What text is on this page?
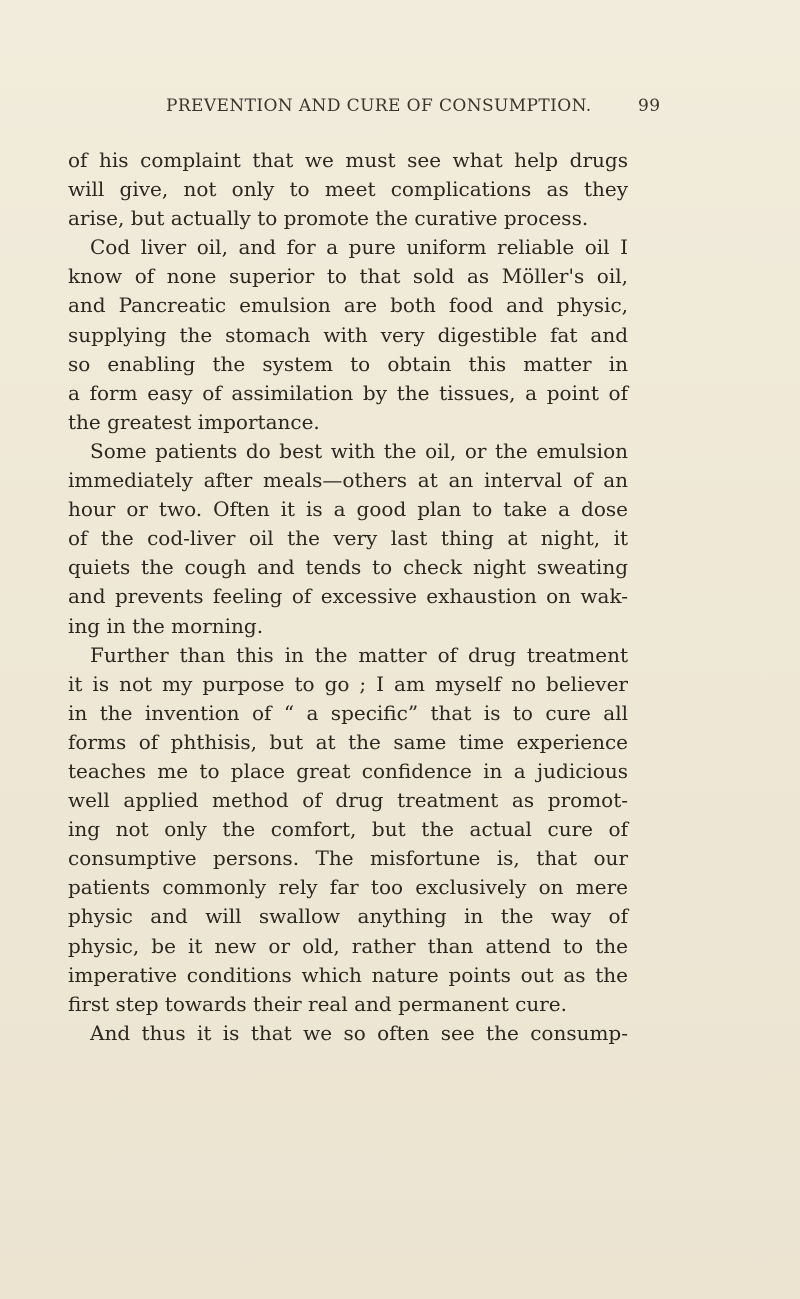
PREVENTION AND CURE OF CONSUMPTION.	99
of his complaint that we must see what help drugs
will give, not only to meet complications as they
arise, but actually to promote the curative process.
Cod liver oil, and for a pure uniform reliable oil I
know of none superior to that sold as Möller's oil,
and Pancreatic emulsion are both food and physic,
supplying the stomach with very digestible fat and
so enabling the system to obtain this matter in
a form easy of assimilation by the tissues, a point of
the greatest importance.
Some patients do best with the oil, or the emulsion
immediately after meals—others at an interval of an
hour or two. Often it is a good plan to take a dose
of the cod-liver oil the very last thing at night, it
quiets the cough and tends to check night sweating
and prevents feeling of excessive exhaustion on wak-
ing in the morning.
Further than this in the matter of drug treatment
it is not my purpose to go ; I am myself no believer
in the invention of “ a specific” that is to cure all
forms of phthisis, but at the same time experience
teaches me to place great confidence in a judicious
well applied method of drug treatment as promot-
ing not only the comfort, but the actual cure of
consumptive persons. The misfortune is, that our
patients commonly rely far too exclusively on mere
physic and will swallow anything in the way of
physic, be it new or old, rather than attend to the
imperative conditions which nature points out as the
first step towards their real and permanent cure.
And thus it is that we so often see the consump-
